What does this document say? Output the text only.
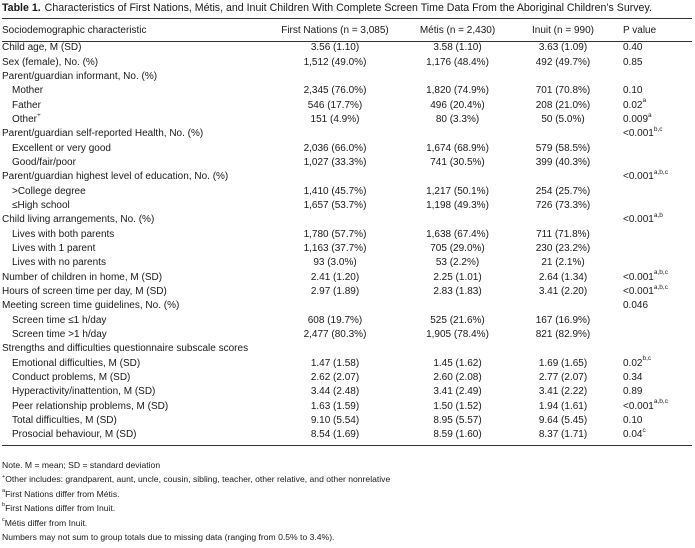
Table 1. Characteristics of First Nations, Métis, and Inuit Children With Complete Screen Time Data From the Aboriginal Children’s Survey.
Sociodemographic characteristic	First Nations (n = 3,085)	Métis (n = 2,430)	Inuit (n = 990)	P value
Child age, M (SD)	3.56 (1.10)	3.58 (1.10)	3.63 (1.09)	0.40
Sex (female), No. (%)	1,512 (49.0%)	1,176 (48.4%)	492 (49.7%)	0.85
Parent/guardian informant, No. (%)				
Mother	2,345 (76.0%)	1,820 (74.9%)	701 (70.8%)	0.10
Father	546 (17.7%)	496 (20.4%)	208 (21.0%)	0.02$^a$
Other+	151 (4.9%)	80 (3.3%)	50 (5.0%)	0.009$^a$
Parent/guardian self-reported Health, No. (%)				$<0.001^{b,c}$
Excellent or very good	2,036 (66.0%)	1,674 (68.9%)	579 (58.5%)	
Good/fair/poor	1,027 (33.3%)	741 (30.5%)	399 (40.3%)	
Parent/guardian highest level of education, No. (%)				$<0.001^{a,b,c}$
>College degree	1,410 (45.7%)	1,217 (50.1%)	254 (25.7%)	
≤High school	1,657 (53.7%)	1,198 (49.3%)	726 (73.3%)	
Child living arrangements, No. (%)				$<0.001^{a,b}$
Lives with both parents	1,780 (57.7%)	1,638 (67.4%)	711 (71.8%)	
Lives with 1 parent	1,163 (37.7%)	705 (29.0%)	230 (23.2%)	
Lives with no parents	93 (3.0%)	53 (2.2%)	21 (2.1%)	
Number of children in home, M (SD)	2.41 (1.20)	2.25 (1.01)	2.64 (1.34)	$<0.001^{a,b,c}$
Hours of screen time per day, M (SD)	2.97 (1.89)	2.83 (1.83)	3.41 (2.20)	$<0.001^{a,b,c}$
Meeting screen time guidelines, No. (%)				0.046
Screen time ≤1 h/day	608 (19.7%)	525 (21.6%)	167 (16.9%)	
Screen time >1 h/day	2,477 (80.3%)	1,905 (78.4%)	821 (82.9%)	
Strengths and difficulties questionnaire subscale scores				
Emotional difficulties, M (SD)	1.47 (1.58)	1.45 (1.62)	1.69 (1.65)	0.02$^{b,c}$
Conduct problems, M (SD)	2.62 (2.07)	2.60 (2.08)	2.77 (2.07)	0.34
Hyperactivity/inattention, M (SD)	3.44 (2.48)	3.41 (2.49)	3.41 (2.22)	0.89
Peer relationship problems, M (SD)	1.63 (1.59)	1.50 (1.52)	1.94 (1.61)	$<0.001^{a,b,c}$
Total difficulties, M (SD)	9.10 (5.54)	8.95 (5.57)	9.64 (5.45)	0.10
Prosocial behaviour, M (SD)	8.54 (1.69)	8.59 (1.60)	8.37 (1.71)	0.04$^c$
Note. M = mean; SD = standard deviation
+Other includes: grandparent, aunt, uncle, cousin, sibling, teacher, other relative, and other nonrelative
$^a$First Nations differ from Métis.
$^b$First Nations differ from Inuit.
$^c$Métis differ from Inuit.
Numbers may not sum to group totals due to missing data (ranging from 0.5% to 3.4%).
